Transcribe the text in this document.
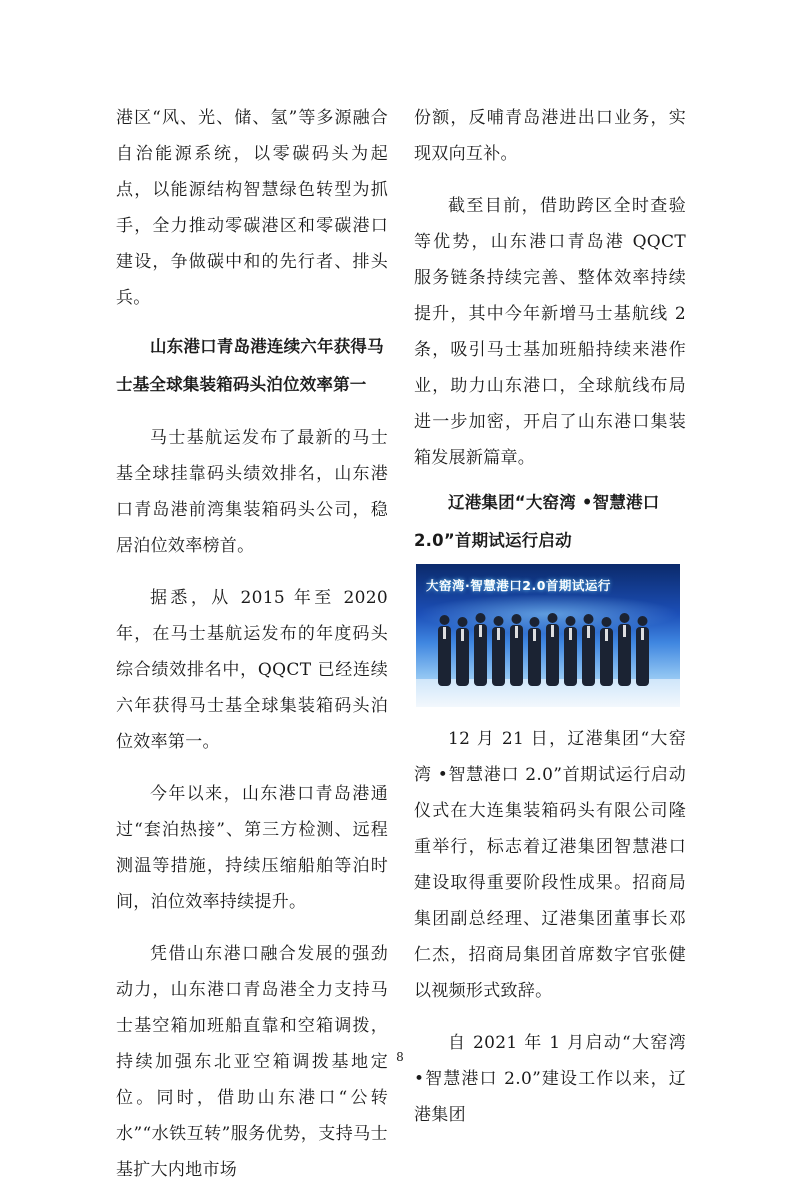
港区“风、光、储、氢”等多源融合自治能源系统，以零碳码头为起点，以能源结构智慧绿色转型为抓手，全力推动零碳港区和零碳港口建设，争做碳中和的先行者、排头兵。

山东港口青岛港连续六年获得马士基全球集装箱码头泊位效率第一

马士基航运发布了最新的马士基全球挂靠码头绩效排名，山东港口青岛港前湾集装箱码头公司，稳居泊位效率榜首。

据悉，从 2015 年至 2020 年，在马士基航运发布的年度码头综合绩效排名中，QQCT 已经连续六年获得马士基全球集装箱码头泊位效率第一。

今年以来，山东港口青岛港通过“套泊热接”、第三方检测、远程测温等措施，持续压缩船舶等泊时间，泊位效率持续提升。

凭借山东港口融合发展的强劲动力，山东港口青岛港全力支持马士基空箱加班船直靠和空箱调拨，持续加强东北亚空箱调拨基地定位。同时，借助山东港口“公转水”“水铁互转”服务优势，支持马士基扩大内地市场

份额，反哺青岛港进出口业务，实现双向互补。

截至目前，借助跨区全时查验等优势，山东港口青岛港 QQCT 服务链条持续完善、整体效率持续提升，其中今年新增马士基航线 2 条，吸引马士基加班船持续来港作业，助力山东港口，全球航线布局进一步加密，开启了山东港口集装箱发展新篇章。

辽港集团“大窑湾 •智慧港口 2.0”首期试运行启动
大窑湾·智慧港口2.0首期试运行

12 月 21 日，辽港集团“大窑湾 •智慧港口 2.0”首期试运行启动仪式在大连集装箱码头有限公司隆重举行，标志着辽港集团智慧港口建设取得重要阶段性成果。招商局集团副总经理、辽港集团董事长邓仁杰，招商局集团首席数字官张健以视频形式致辞。

自 2021 年 1 月启动“大窑湾 •智慧港口 2.0”建设工作以来，辽港集团

8
